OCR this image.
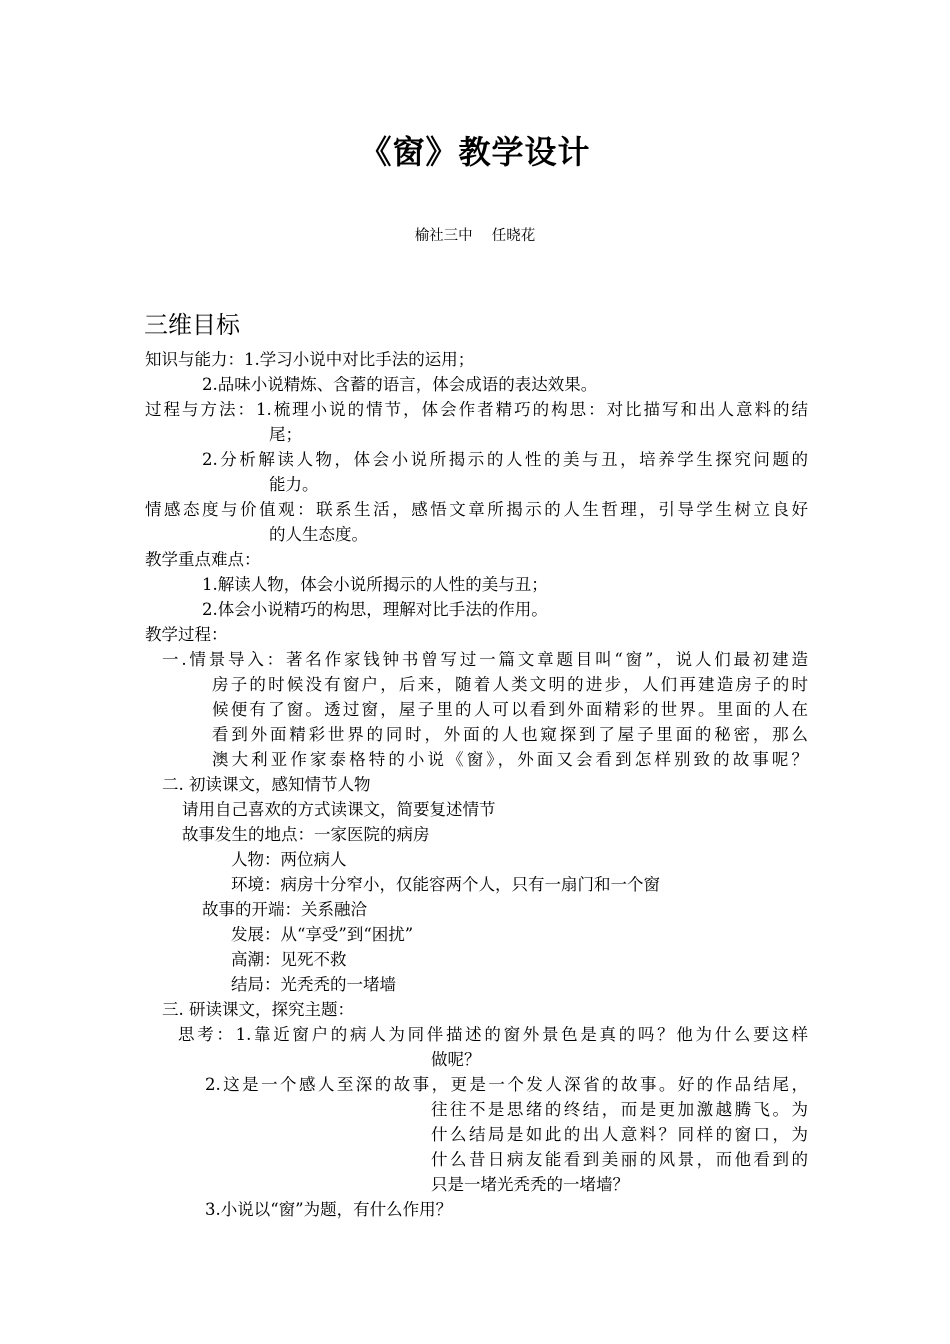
《窗》教学设计
榆社三中　 任晓花
三维目标
知识与能力：1.学习小说中对比手法的运用；
2.品味小说精炼、含蓄的语言，体会成语的表达效果。
过程与方法：1.梳理小说的情节，体会作者精巧的构思：对比描写和出人意料的结
尾；
2.分析解读人物，体会小说所揭示的人性的美与丑，培养学生探究问题的
能力。
情感态度与价值观：联系生活，感悟文章所揭示的人生哲理，引导学生树立良好
的人生态度。
教学重点难点：
1.解读人物，体会小说所揭示的人性的美与丑；
2.体会小说精巧的构思，理解对比手法的作用。
教学过程：
一.情景导入：著名作家钱钟书曾写过一篇文章题目叫“窗”，说人们最初建造
房子的时候没有窗户，后来，随着人类文明的进步，人们再建造房子的时
候便有了窗。透过窗，屋子里的人可以看到外面精彩的世界。里面的人在
看到外面精彩世界的同时，外面的人也窥探到了屋子里面的秘密，那么
澳大利亚作家泰格特的小说《窗》，外面又会看到怎样别致的故事呢？
二. 初读课文，感知情节人物
请用自己喜欢的方式读课文，简要复述情节
故事发生的地点：一家医院的病房
人物：两位病人
环境：病房十分窄小，仅能容两个人，只有一扇门和一个窗
故事的开端：关系融洽
发展：从“享受”到“困扰”
高潮：见死不救
结局：光秃秃的一堵墙
三. 研读课文，探究主题：
思考：1.靠近窗户的病人为同伴描述的窗外景色是真的吗？他为什么要这样
做呢？
2.这是一个感人至深的故事，更是一个发人深省的故事。好的作品结尾，
往往不是思绪的终结，而是更加激越腾飞。为
什么结局是如此的出人意料？同样的窗口，为
什么昔日病友能看到美丽的风景，而他看到的
只是一堵光秃秃的一堵墙？
3.小说以“窗”为题，有什么作用？
